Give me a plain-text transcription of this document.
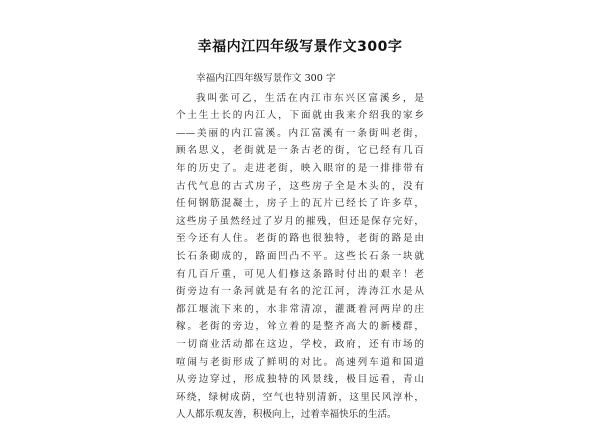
幸福内江四年级写景作文300字

幸福内江四年级写景作文 300 字

我叫张可乙，生活在内江市东兴区富溪乡，是

个土生土长的内江人，下面就由我来介绍我的家乡

——美丽的内江富溪。内江富溪有一条街叫老街，

顾名思义，老街就是一条古老的街，它已经有几百

年的历史了。走进老街，映入眼帘的是一排排带有

古代气息的古式房子，这些房子全是木头的，没有

任何钢筋混凝土，房子上的瓦片已经长了许多草，

这些房子虽然经过了岁月的摧残，但还是保存完好，

至今还有人住。老街的路也很独特，老街的路是由

长石条砌成的，路面凹凸不平。这些长石条一块就

有几百斤重，可见人们修这条路时付出的艰辛！老

街旁边有一条河就是有名的沱江河，涛涛江水是从

都江堰流下来的，水非常清凉，灌溉着河两岸的庄

稼。老街的旁边，耸立着的是整齐高大的新楼群，

一切商业活动都在这边，学校，政府，还有市场的

喧闹与老街形成了鲜明的对比。高速列车道和国道

从旁边穿过，形成独特的风景线，极目远看，青山

环绕，绿树成荫，空气也特别清新，这里民风淳朴，

人人都乐观友善，积极向上，过着幸福快乐的生活。
